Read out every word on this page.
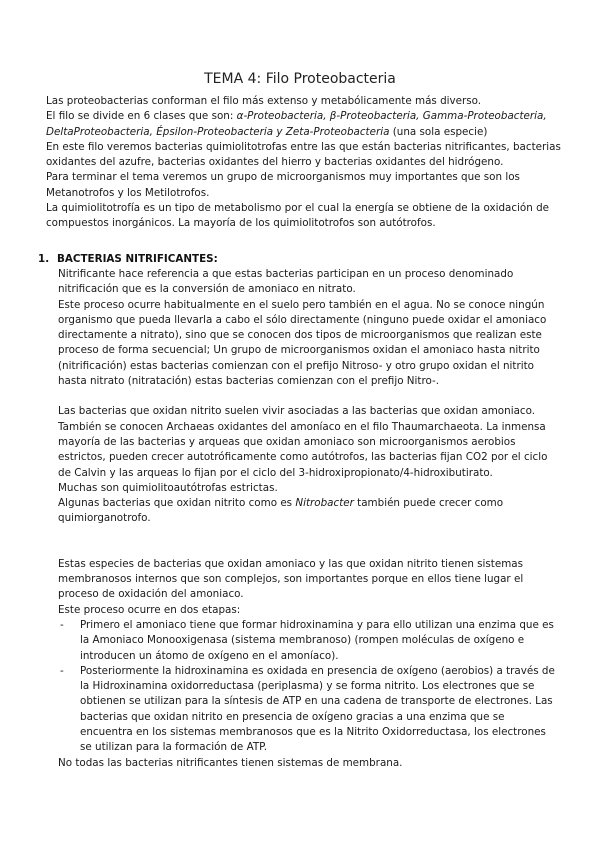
TEMA 4: Filo Proteobacteria

Las proteobacterias conforman el filo más extenso y metabólicamente más diverso.

El filo se divide en 6 clases que son: α-Proteobacteria, β-Proteobacteria, Gamma-Proteobacteria, DeltaProteobacteria, Épsilon-Proteobacteria y Zeta-Proteobacteria (una sola especie)

En este filo veremos bacterias quimiolitotrofas entre las que están bacterias nitrificantes, bacterias oxidantes del azufre, bacterias oxidantes del hierro y bacterias oxidantes del hidrógeno.

Para terminar el tema veremos un grupo de microorganismos muy importantes que son los Metanotrofos y los Metilotrofos.

La quimiolitotrofía es un tipo de metabolismo por el cual la energía se obtiene de la oxidación de compuestos inorgánicos. La mayoría de los quimiolitotrofos son autótrofos.

1. BACTERIAS NITRIFICANTES:

Nitrificante hace referencia a que estas bacterias participan en un proceso denominado nitrificación que es la conversión de amoniaco en nitrato.

Este proceso ocurre habitualmente en el suelo pero también en el agua. No se conoce ningún organismo que pueda llevarla a cabo el sólo directamente (ninguno puede oxidar el amoniaco directamente a nitrato), sino que se conocen dos tipos de microorganismos que realizan este proceso de forma secuencial; Un grupo de microorganismos oxidan el amoniaco hasta nitrito (nitrificación) estas bacterias comienzan con el prefijo Nitroso- y otro grupo oxidan el nitrito hasta nitrato (nitratación) estas bacterias comienzan con el prefijo Nitro-.

Las bacterias que oxidan nitrito suelen vivir asociadas a las bacterias que oxidan amoniaco. También se conocen Archaeas oxidantes del amoníaco en el filo Thaumarchaeota. La inmensa mayoría de las bacterias y arqueas que oxidan amoniaco son microorganismos aerobios estrictos, pueden crecer autotróficamente como autótrofos, las bacterias fijan CO2 por el ciclo de Calvin y las arqueas lo fijan por el ciclo del 3-hidroxipropionato/4-hidroxibutirato.

Muchas son quimiolitoautótrofas estrictas.

Algunas bacterias que oxidan nitrito como es Nitrobacter también puede crecer como quimiorganotrofo.

Estas especies de bacterias que oxidan amoniaco y las que oxidan nitrito tienen sistemas membranosos internos que son complejos, son importantes porque en ellos tiene lugar el proceso de oxidación del amoniaco.

Este proceso ocurre en dos etapas:

- Primero el amoniaco tiene que formar hidroxinamina y para ello utilizan una enzima que es la Amoniaco Monooxigenasa (sistema membranoso) (rompen moléculas de oxígeno e introducen un átomo de oxígeno en el amoníaco).
- Posteriormente la hidroxinamina es oxidada en presencia de oxígeno (aerobios) a través de la Hidroxinamina oxidorreductasa (periplasma) y se forma nitrito. Los electrones que se obtienen se utilizan para la síntesis de ATP en una cadena de transporte de electrones. Las bacterias que oxidan nitrito en presencia de oxígeno gracias a una enzima que se encuentra en los sistemas membranosos que es la Nitrito Oxidorreductasa, los electrones se utilizan para la formación de ATP.

No todas las bacterias nitrificantes tienen sistemas de membrana.
